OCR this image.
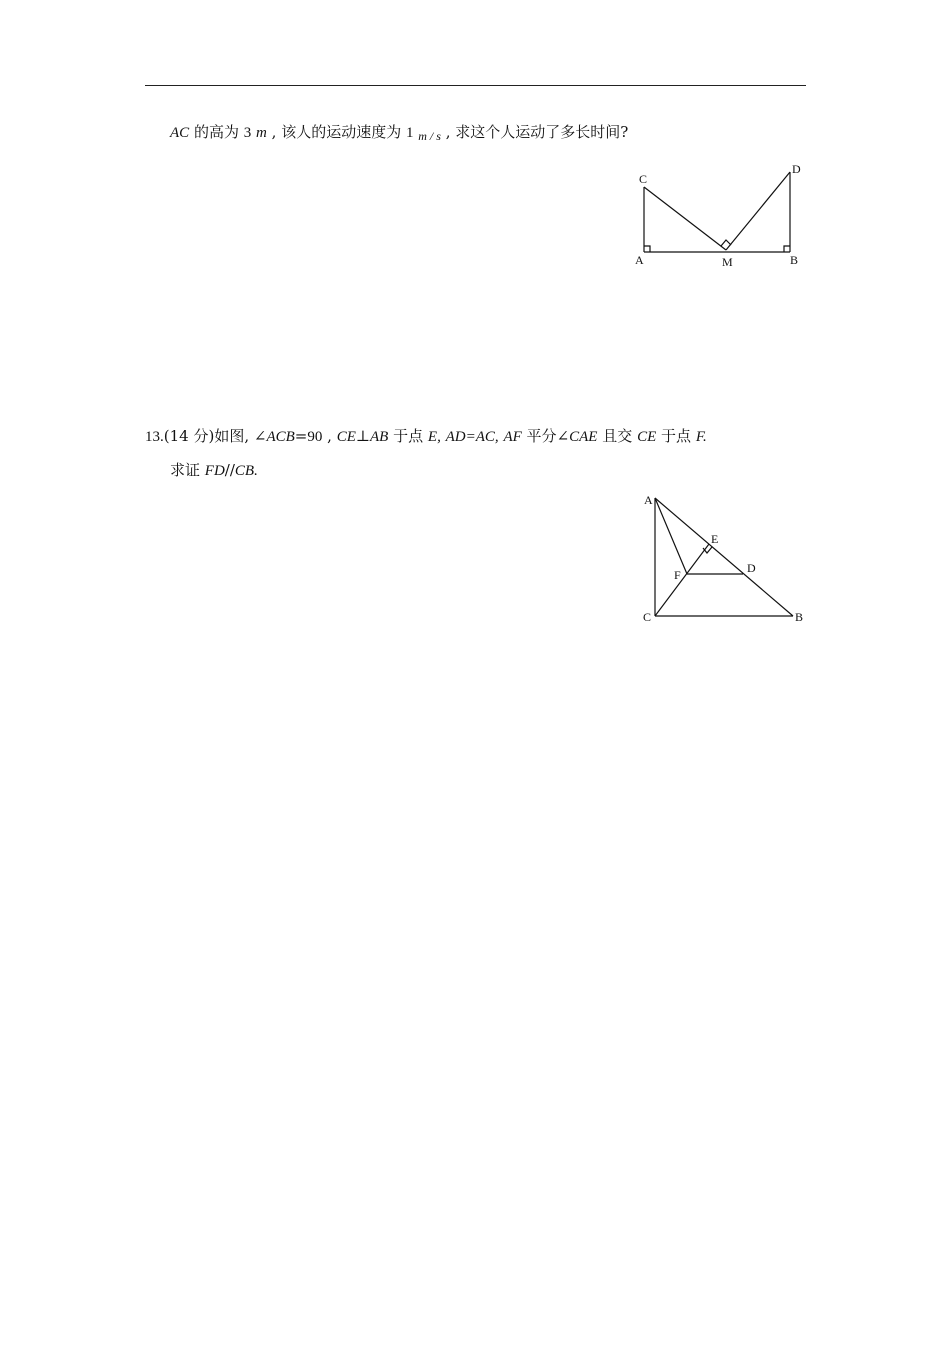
AC 的高为 3 m , 该人的运动速度为 1 $_{m / s}$ , 求这个人运动了多长时间?
C
D
A	M	B
13.(14 分)如图, ∠ACB=90 , CE⊥AB 于点 E, AD=AC, AF 平分∠CAE 且交 CE 于点 F.
求证 FD//CB.
A
E
D
F
C	B
